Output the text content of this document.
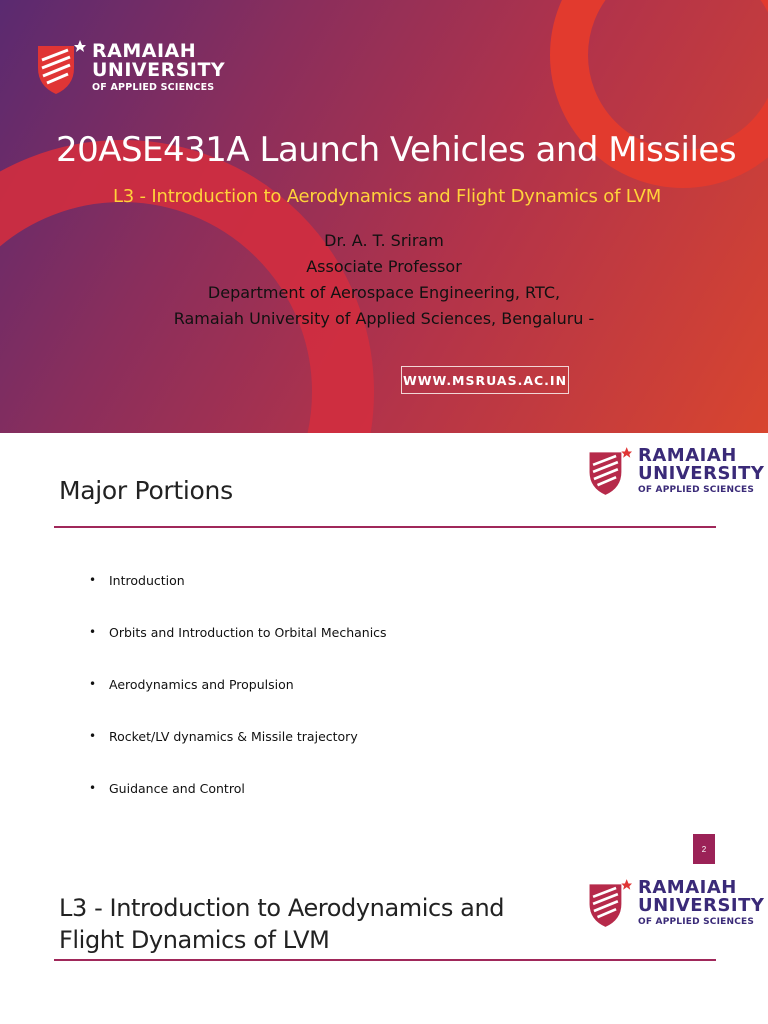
RAMAIAH
UNIVERSITY
OF APPLIED SCIENCES
20ASE431A Launch Vehicles and Missiles
L3 - Introduction to Aerodynamics and Flight Dynamics of LVM
Dr. A. T. Sriram
Associate Professor
Department of Aerospace Engineering, RTC,
Ramaiah University of Applied Sciences, Bengaluru -
WWW.MSRUAS.AC.IN
RAMAIAH
UNIVERSITY
OF APPLIED SCIENCES
Major Portions
• Introduction
• Orbits and Introduction to Orbital Mechanics
• Aerodynamics and Propulsion
• Rocket/LV dynamics & Missile trajectory
• Guidance and Control
2
RAMAIAH
UNIVERSITY
OF APPLIED SCIENCES
L3 - Introduction to Aerodynamics and Flight Dynamics of LVM
